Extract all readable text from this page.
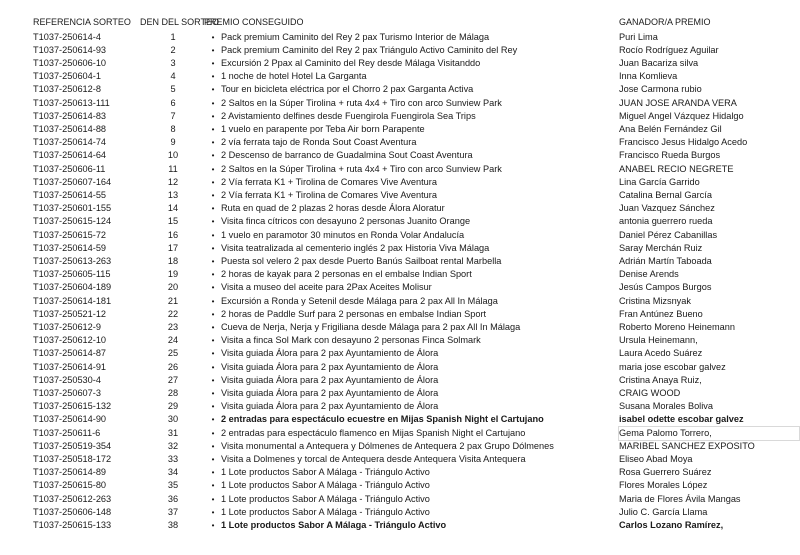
REFERENCIA SORTEO	DEN DEL SORTEO
PREMIO CONSEGUIDO	GANADOR/A PREMIO
T1037-250614-4	1	• Pack premium Caminito del Rey 2 pax Turismo Interior de Málaga	Puri Lima
T1037-250614-93	2	• Pack premium Caminito del Rey 2 pax Triángulo Activo Caminito del Rey	Rocío Rodríguez Aguilar
T1037-250606-10	3	• Excursión 2 Ppax al Caminito del Rey desde Málaga Visitanddo	Juan Bacariza silva
T1037-250604-1	4	• 1 noche de hotel Hotel La Garganta	Inna Komlieva
T1037-250612-8	5	• Tour en bicicleta eléctrica por el Chorro 2 pax Garganta Activa	Jose Carmona rubio
T1037-250613-111	6	• 2 Saltos en la Súper Tirolina + ruta 4x4 + Tiro con arco Sunview Park	JUAN JOSE ARANDA VERA
T1037-250614-83	7	• 2 Avistamiento delfines desde Fuengirola Fuengirola Sea Trips	Miguel Angel Vázquez Hidalgo
T1037-250614-88	8	• 1 vuelo en parapente por Teba Air born Parapente	Ana Belén Fernández Gil
T1037-250614-74	9	• 2 vía ferrata tajo de Ronda Sout Coast Aventura	Francisco Jesus Hidalgo Acedo
T1037-250614-64	10	• 2 Descenso de barranco de Guadalmina Sout Coast Aventura	Francisco Rueda Burgos
T1037-250606-11	11	• 2 Saltos en la Súper Tirolina + ruta 4x4 + Tiro con arco Sunview Park	ANABEL RECIO NEGRETE
T1037-250607-164	12	• 2 Vía ferrata K1 + Tirolina de Comares Vive Aventura	Lina García Garrido
T1037-250614-55	13	• 2 Vía ferrata K1 + Tirolina de Comares Vive Aventura	Catalina Bernal García
T1037-250601-155	14	• Ruta en quad de 2 plazas 2 horas desde Álora Aloratur	Juan Vazquez Sánchez
T1037-250615-124	15	• Visita finca cítricos con desayuno 2 personas Juanito Orange	antonia guerrero rueda
T1037-250615-72	16	• 1 vuelo en paramotor 30 minutos en Ronda Volar Andalucía	Daniel Pérez Cabanillas
T1037-250614-59	17	• Visita teatralizada al cementerio inglés 2 pax Historia Viva Málaga	Saray Merchán Ruiz
T1037-250613-263	18	• Puesta sol velero 2 pax desde Puerto Banús Sailboat rental Marbella	Adrián Martín Taboada
T1037-250605-115	19	• 2 horas de kayak para 2 personas en el embalse Indian Sport	Denise Arends
T1037-250604-189	20	• Visita a museo del aceite para 2Pax Aceites Molisur	Jesús Campos Burgos
T1037-250614-181	21	• Excursión a Ronda y Setenil desde Málaga para 2 pax All In Málaga	Cristina Mizsnyak
T1037-250521-12	22	• 2 horas de Paddle Surf para 2 personas en embalse Indian Sport	Fran Antúnez Bueno
T1037-250612-9	23	• Cueva de Nerja, Nerja y Frigiliana desde Málaga para 2 pax All In Málaga	Roberto Moreno Heinemann
T1037-250612-10	24	• Visita a finca Sol Mark con desayuno 2 personas Finca Solmark	Ursula Heinemann,
T1037-250614-87	25	• Visita guiada Álora para 2 pax Ayuntamiento de Álora	Laura Acedo Suárez
T1037-250614-91	26	• Visita guiada Álora para 2 pax Ayuntamiento de Álora	maria jose escobar galvez
T1037-250530-4	27	• Visita guiada Álora para 2 pax Ayuntamiento de Álora	Cristina Anaya Ruiz,
T1037-250607-3	28	• Visita guiada Álora para 2 pax Ayuntamiento de Álora	CRAIG WOOD
T1037-250615-132	29	• Visita guiada Álora para 2 pax Ayuntamiento de Álora	Susana Morales Boliva
T1037-250614-90	30	• 2 entradas para espectáculo ecuestre en Mijas Spanish Night el Cartujano	isabel odette escobar galvez
T1037-250611-6	31	• 2 entradas para espectáculo flamenco en Mijas Spanish Night el Cartujano	Gema Palomo Torrero,
T1037-250519-354	32	• Visita monumental a Antequera y Dólmenes de Antequera 2 pax Grupo Dólmenes	MARIBEL SANCHEZ EXPOSITO
T1037-250518-172	33	• Visita a Dolmenes y torcal de Antequera desde Antequera Visita Antequera	Eliseo Abad Moya
T1037-250614-89	34	• 1 Lote productos Sabor A Málaga - Triángulo Activo	Rosa Guerrero Suárez
T1037-250615-80	35	• 1 Lote productos Sabor A Málaga - Triángulo Activo	Flores Morales López
T1037-250612-263	36	• 1 Lote productos Sabor A Málaga - Triángulo Activo	Maria de Flores Ávila Mangas
T1037-250606-148	37	• 1 Lote productos Sabor A Málaga - Triángulo Activo	Julio C. García Llama
T1037-250615-133	38	• 1 Lote productos Sabor A Málaga - Triángulo Activo	Carlos Lozano Ramírez,
